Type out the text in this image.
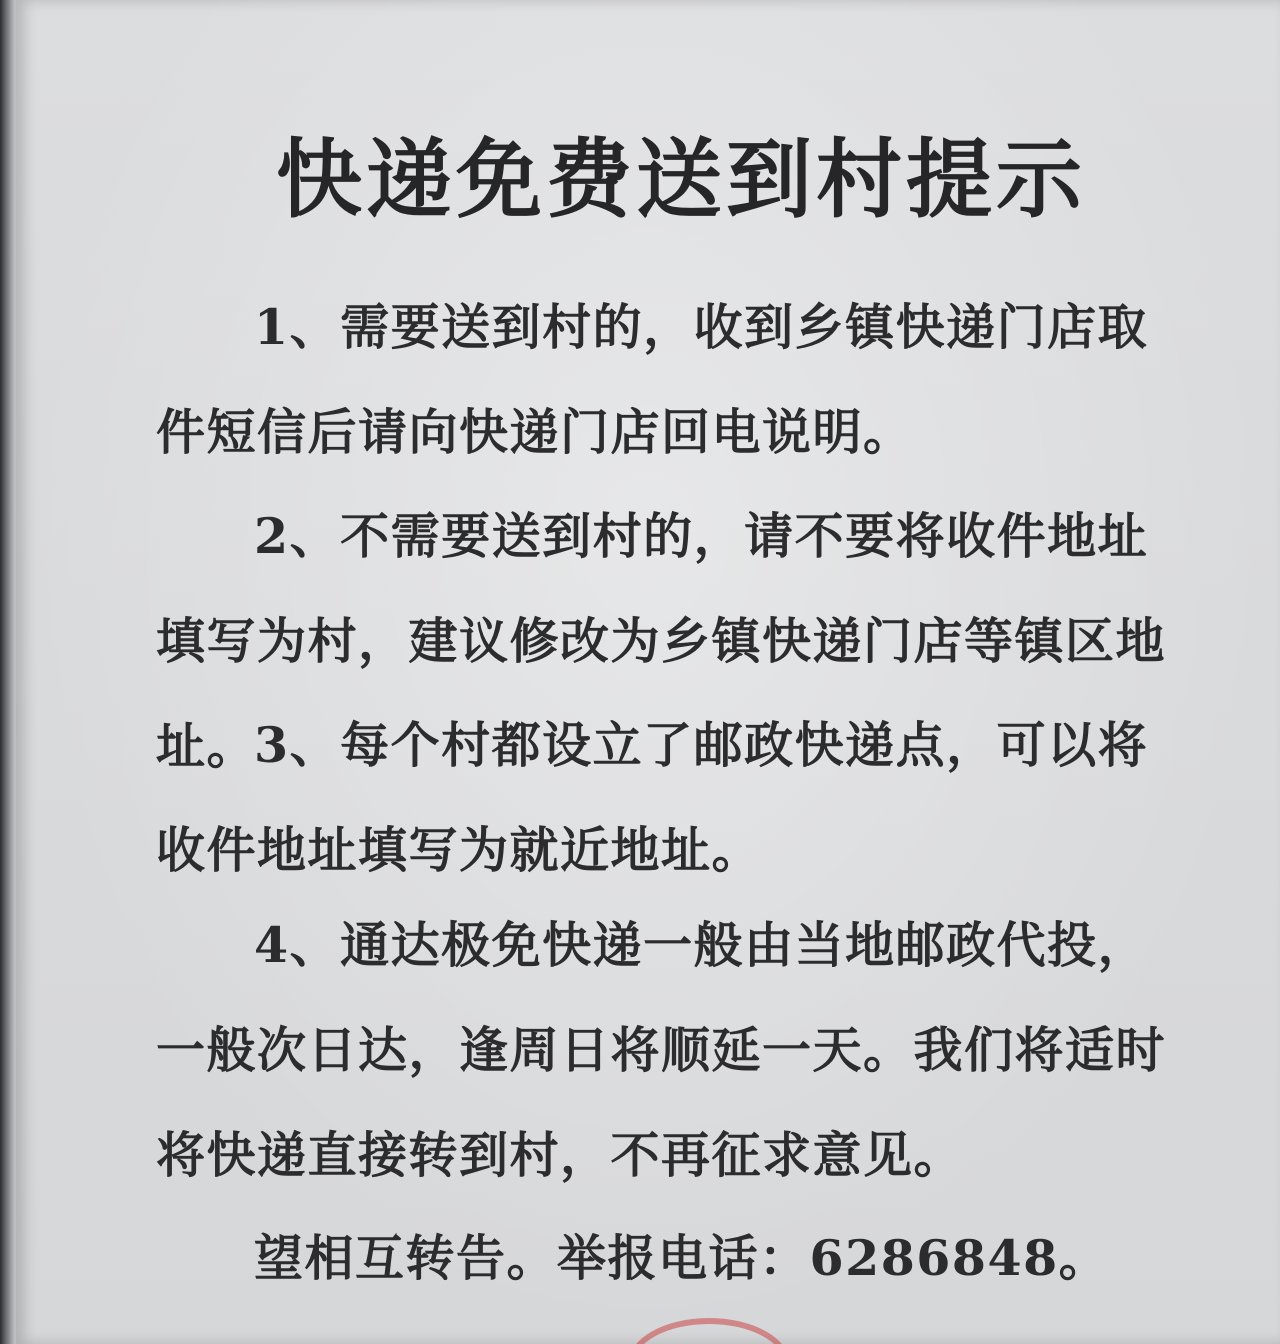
快递免费送到村提示

1、需要送到村的，收到乡镇快递门店取件短信后请向快递门店回电说明。

2、不需要送到村的，请不要将收件地址填写为村，建议修改为乡镇快递门店等镇区地址。

3、每个村都设立了邮政快递点，可以将收件地址填写为就近地址。

4、通达极免快递一般由当地邮政代投，一般次日达，逢周日将顺延一天。我们将适时将快递直接转到村，不再征求意见。

望相互转告。举报电话：6286848。
